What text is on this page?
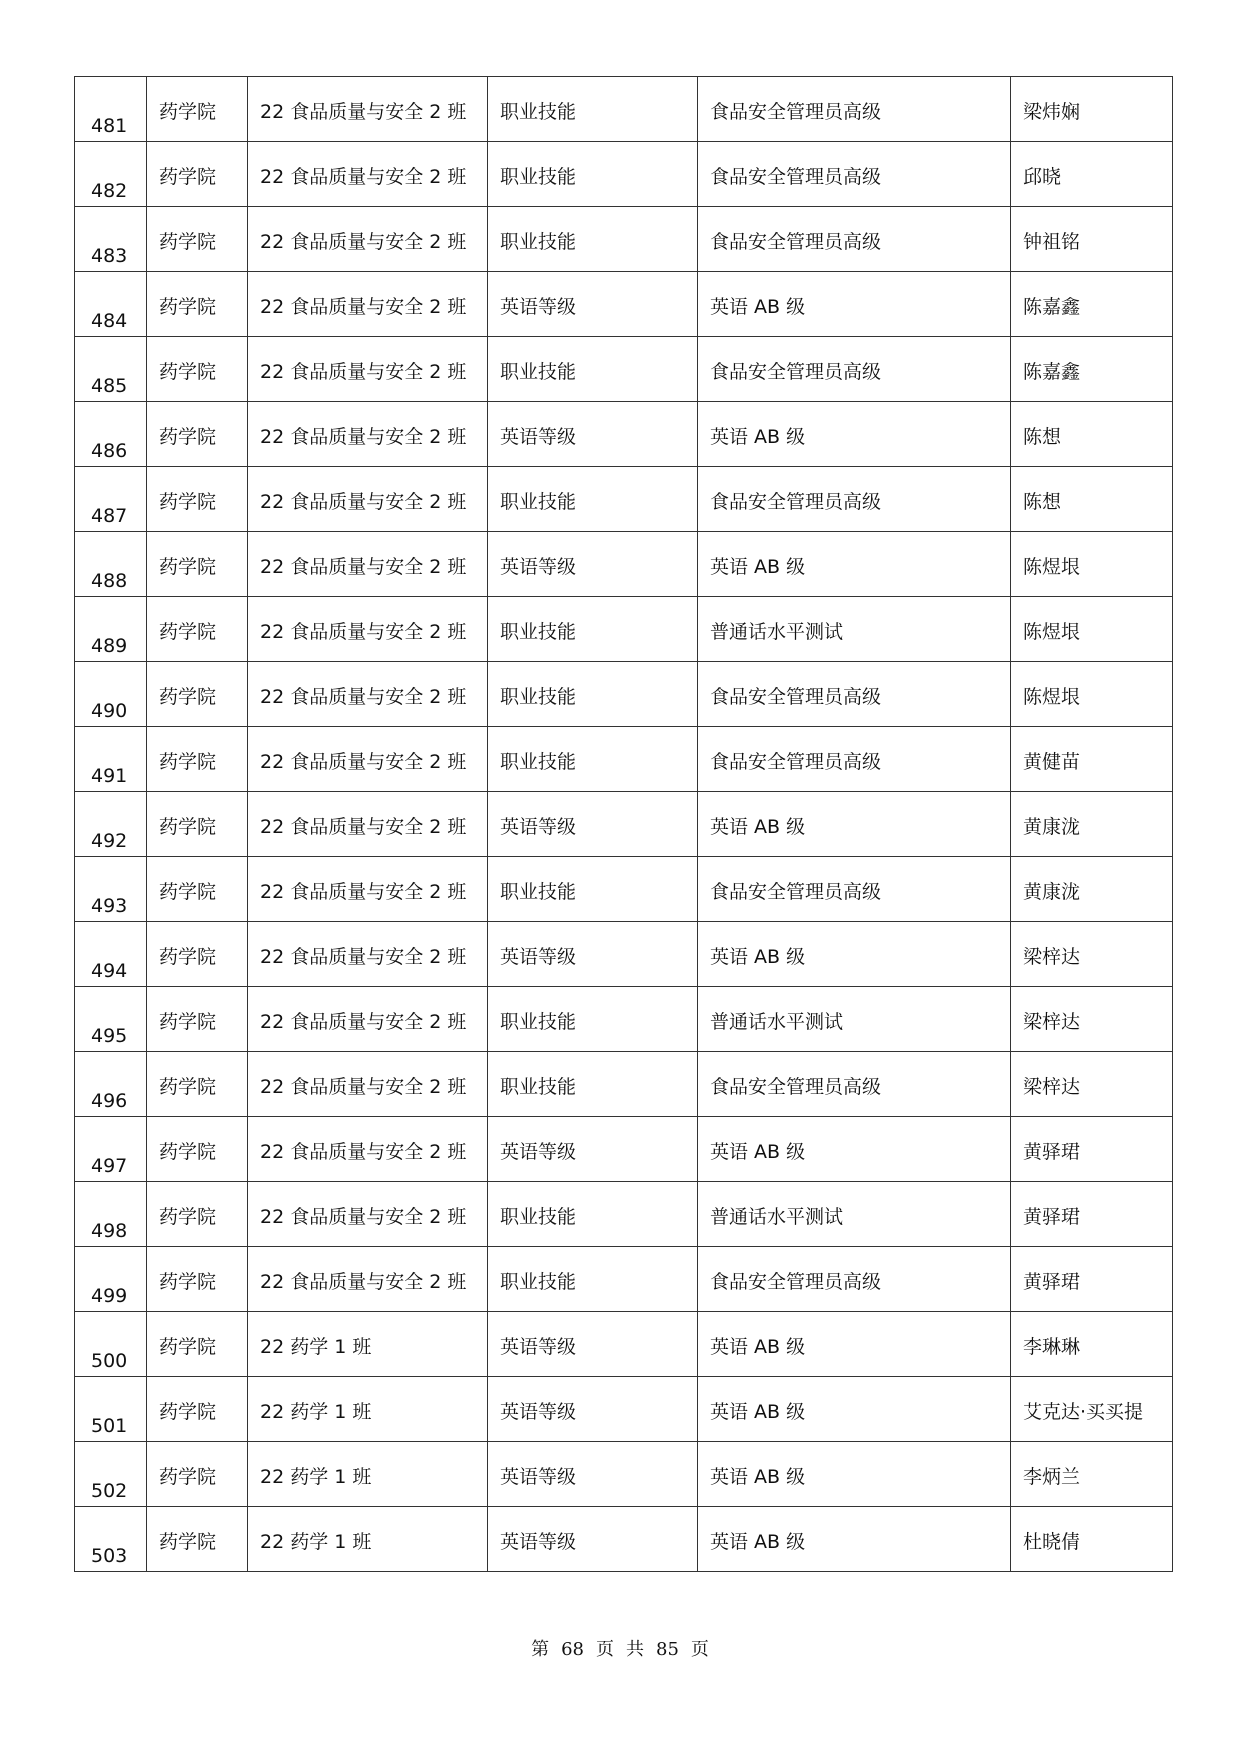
481	药学院	22 食品质量与安全 2 班	职业技能	食品安全管理员高级	梁炜娴

482	药学院	22 食品质量与安全 2 班	职业技能	食品安全管理员高级	邱晓

483	药学院	22 食品质量与安全 2 班	职业技能	食品安全管理员高级	钟祖铭

484	药学院	22 食品质量与安全 2 班	英语等级	英语 AB 级	陈嘉鑫

485	药学院	22 食品质量与安全 2 班	职业技能	食品安全管理员高级	陈嘉鑫

486	药学院	22 食品质量与安全 2 班	英语等级	英语 AB 级	陈想

487	药学院	22 食品质量与安全 2 班	职业技能	食品安全管理员高级	陈想

488	药学院	22 食品质量与安全 2 班	英语等级	英语 AB 级	陈煜垠

489	药学院	22 食品质量与安全 2 班	职业技能	普通话水平测试	陈煜垠

490	药学院	22 食品质量与安全 2 班	职业技能	食品安全管理员高级	陈煜垠

491	药学院	22 食品质量与安全 2 班	职业技能	食品安全管理员高级	黄健苗

492	药学院	22 食品质量与安全 2 班	英语等级	英语 AB 级	黄康泷

493	药学院	22 食品质量与安全 2 班	职业技能	食品安全管理员高级	黄康泷

494	药学院	22 食品质量与安全 2 班	英语等级	英语 AB 级	梁梓达

495	药学院	22 食品质量与安全 2 班	职业技能	普通话水平测试	梁梓达

496	药学院	22 食品质量与安全 2 班	职业技能	食品安全管理员高级	梁梓达

497	药学院	22 食品质量与安全 2 班	英语等级	英语 AB 级	黄驿珺

498	药学院	22 食品质量与安全 2 班	职业技能	普通话水平测试	黄驿珺

499	药学院	22 食品质量与安全 2 班	职业技能	食品安全管理员高级	黄驿珺

500	药学院	22 药学 1 班	英语等级	英语 AB 级	李琳琳

501	药学院	22 药学 1 班	英语等级	英语 AB 级	艾克达·买买提

502	药学院	22 药学 1 班	英语等级	英语 AB 级	李炳兰

503	药学院	22 药学 1 班	英语等级	英语 AB 级	杜晓倩
第 68 页 共 85 页
